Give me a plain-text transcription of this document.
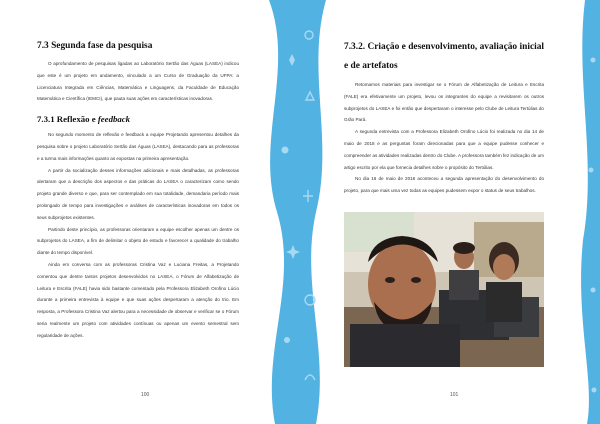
7.3 Segunda fase da pesquisa

O aprofundamento de pesquisas ligadas ao Laboratório Sertão das Águas (LASEA) indicou que este é um projeto em andamento, vinculado a um Curso de Graduação da UFPA: a Licenciatura Integrada em Ciências, Matemática e Linguagens, da Faculdade de Educação Matemática e Científica (IEMCI), que pauta suas ações em características inovadoras.

7.3.1 Reflexão e feedback

No segundo momento de reflexão e feedback a equipe Projetando apresentou detalhes da pesquisa sobre o projeto Laboratório Sertão das Águas (LASEA), destacando para as professoras e a turma mais informações quanto as expostas na primeira apresentação.

A partir da socialização desses informações adicionais e mais detalhadas, as professoras alertaram que a descrição dos aspectos e das práticas do LASEA o caracterizam como sendo projeto grande diverso e que, para ser contemplado em sua totalidade, demandaria período mais prolongado de tempo para investigações e análises de características inovadoras em todos os seus subprojetos existentes.

Partindo deste princípio, as professoras orientaram a equipe escolher apenas um dentre os subprojetos do LASEA, a fim de delimitar o objeto de estudo e favorecer a qualidade do trabalho diante do tempo disponível.

Ainda em conversa com as professoras Cristina Vaz e Luciana Freitas, a Projetando comentou que dentre tantos projetos desenvolvidos no LASEA, o Fórum de Alfabetização de Leitura e Escrita (FALE) havia sido bastante comentado pela Professora Elizabeth Orofino Lúcio durante a primeira entrevista à equipe e que suas ações despertaram a atenção do trio. Em resposta, a Professora Cristina Vaz alertou para a necessidade de observar e verificar se o Fórum seria realmente um projeto com atividades contínuas ou apenas um evento semestral sem regularidade de ações.

100
7.3.2. Criação e desenvolvimento, avaliação inicial e de artefatos

Retomamos materiais para investigar se o Fórum de Alfabetização de Leitura e Escrita (FALE) era efetivamente um projeto, levou os integrantes do equipe a revisitarem os outros subprojetos do LASEA e foi então que despertaram o interesse pelo Clube de Leitura Tertúlias do Grão Pará.

A segunda entrevista com a Professora Elizabeth Orofino Lúcio foi realizada no dia 14 de maio de 2018 e as perguntas foram direcionadas para que a equipe pudesse conhecer e compreender as atividades realizadas dentro do Clube. A professora também fez indicação de um artigo escrito por ela que fornecia detalhes sobre o propósito do Tertúlias.

No dia 16 de maio de 2018 aconteceu a segunda apresentação do desenvolvimento do projeto, para que mais uma vez todas as equipes pudessem expor o status de seus trabalhos.

101
